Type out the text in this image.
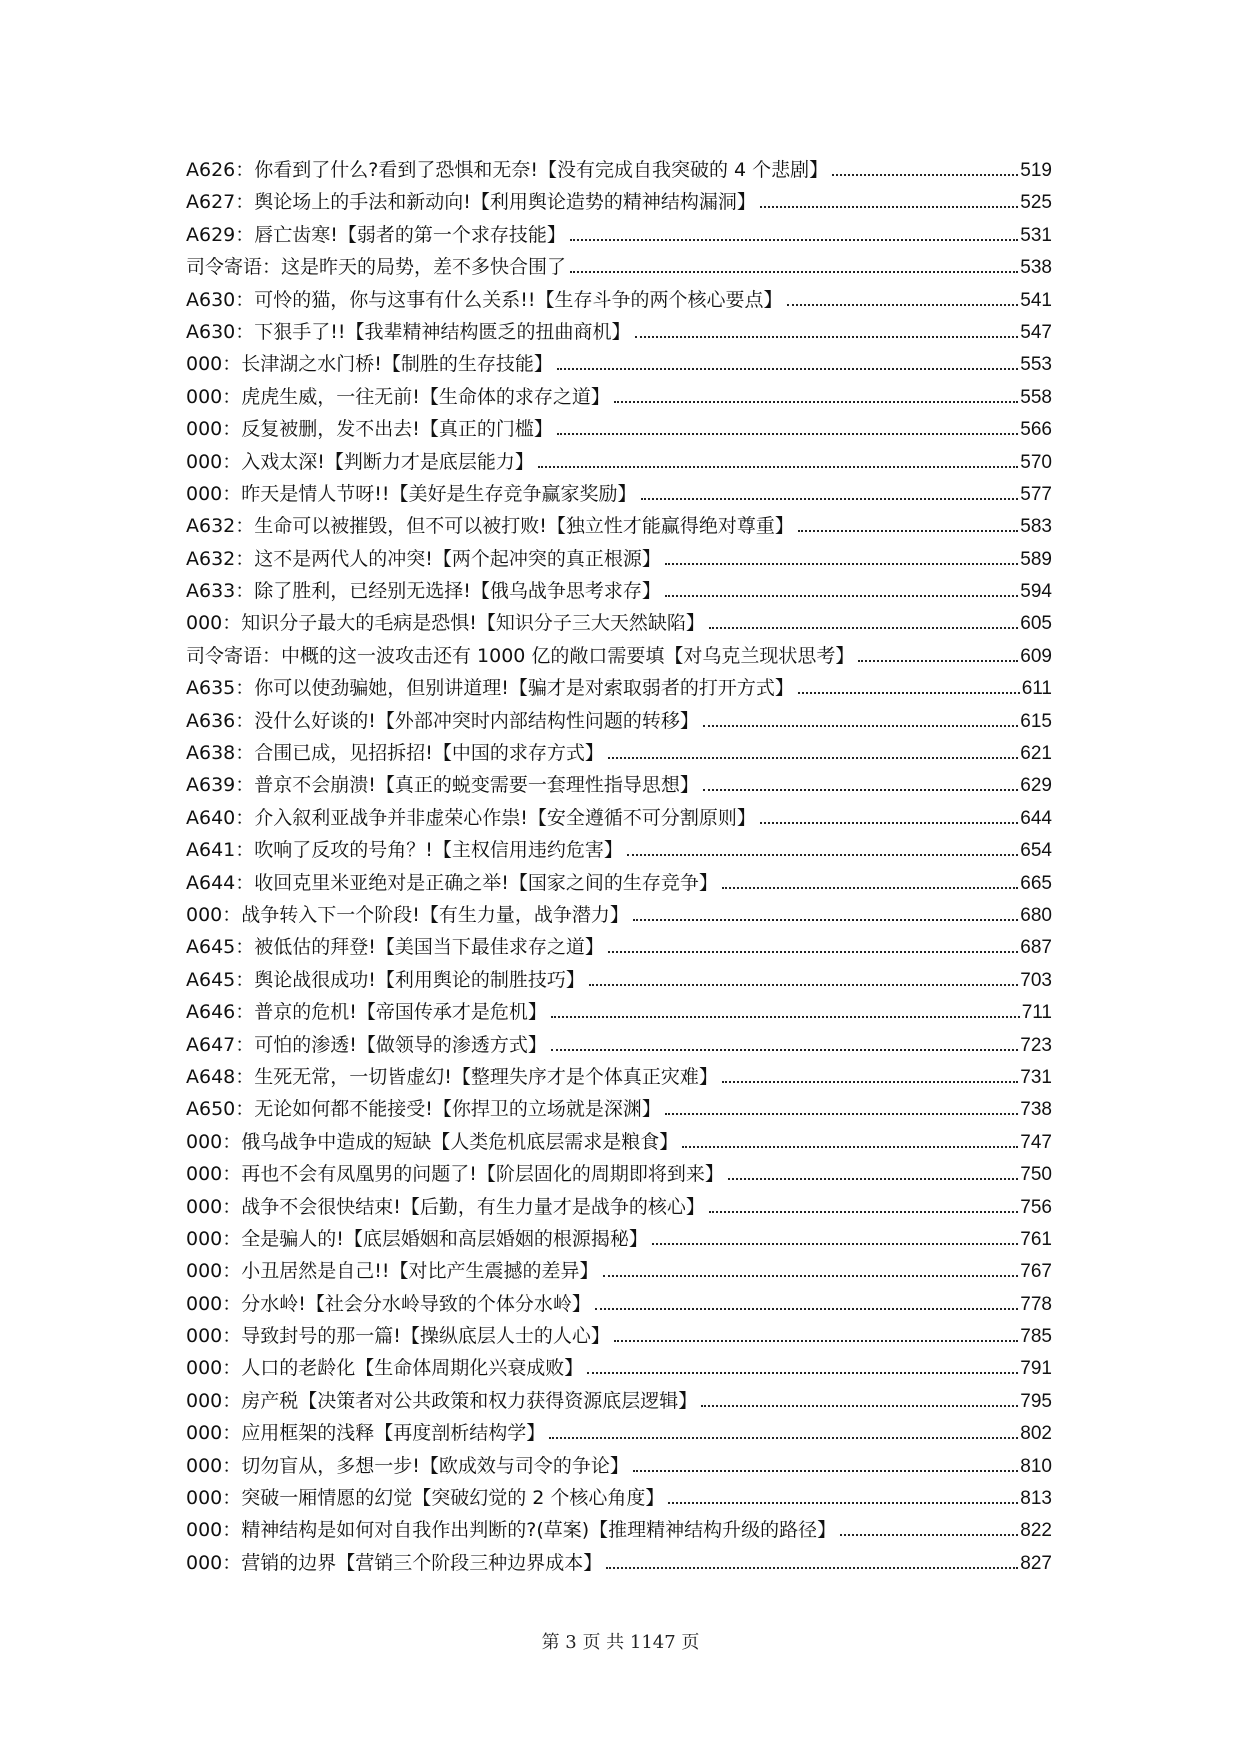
A626：你看到了什么?看到了恐惧和无奈!【没有完成自我突破的 4 个悲剧】	519
A627：舆论场上的手法和新动向!【利用舆论造势的精神结构漏洞】	525
A629：唇亡齿寒!【弱者的第一个求存技能】	531
司令寄语：这是昨天的局势，差不多快合围了	538
A630：可怜的猫，你与这事有什么关系!!【生存斗争的两个核心要点】	541
A630：下狠手了!!【我辈精神结构匮乏的扭曲商机】	547
000：长津湖之水门桥!【制胜的生存技能】	553
000：虎虎生威，一往无前!【生命体的求存之道】	558
000：反复被删，发不出去!【真正的门槛】	566
000：入戏太深!【判断力才是底层能力】	570
000：昨天是情人节呀!!【美好是生存竞争赢家奖励】	577
A632：生命可以被摧毁，但不可以被打败!【独立性才能赢得绝对尊重】	583
A632：这不是两代人的冲突!【两个起冲突的真正根源】	589
A633：除了胜利，已经别无选择!【俄乌战争思考求存】	594
000：知识分子最大的毛病是恐惧!【知识分子三大天然缺陷】	605
司令寄语：中概的这一波攻击还有 1000 亿的敞口需要填【对乌克兰现状思考】	609
A635：你可以使劲骗她，但别讲道理!【骗才是对索取弱者的打开方式】	611
A636：没什么好谈的!【外部冲突时内部结构性问题的转移】	615
A638：合围已成，见招拆招!【中国的求存方式】	621
A639：普京不会崩溃!【真正的蜕变需要一套理性指导思想】	629
A640：介入叙利亚战争并非虚荣心作祟!【安全遵循不可分割原则】	644
A641：吹响了反攻的号角？!【主权信用违约危害】	654
A644：收回克里米亚绝对是正确之举!【国家之间的生存竞争】	665
000：战争转入下一个阶段!【有生力量，战争潜力】	680
A645：被低估的拜登!【美国当下最佳求存之道】	687
A645：舆论战很成功!【利用舆论的制胜技巧】	703
A646：普京的危机!【帝国传承才是危机】	711
A647：可怕的渗透!【做领导的渗透方式】	723
A648：生死无常，一切皆虚幻!【整理失序才是个体真正灾难】	731
A650：无论如何都不能接受!【你捍卫的立场就是深渊】	738
000：俄乌战争中造成的短缺【人类危机底层需求是粮食】	747
000：再也不会有凤凰男的问题了!【阶层固化的周期即将到来】	750
000：战争不会很快结束!【后勤，有生力量才是战争的核心】	756
000：全是骗人的!【底层婚姻和高层婚姻的根源揭秘】	761
000：小丑居然是自己!!【对比产生震撼的差异】	767
000：分水岭!【社会分水岭导致的个体分水岭】	778
000：导致封号的那一篇!【操纵底层人士的人心】	785
000：人口的老龄化【生命体周期化兴衰成败】	791
000：房产税【决策者对公共政策和权力获得资源底层逻辑】	795
000：应用框架的浅释【再度剖析结构学】	802
000：切勿盲从，多想一步!【欧成效与司令的争论】	810
000：突破一厢情愿的幻觉【突破幻觉的 2 个核心角度】	813
000：精神结构是如何对自我作出判断的?(草案)【推理精神结构升级的路径】	822
000：营销的边界【营销三个阶段三种边界成本】	827
第 3 页 共 1147 页
